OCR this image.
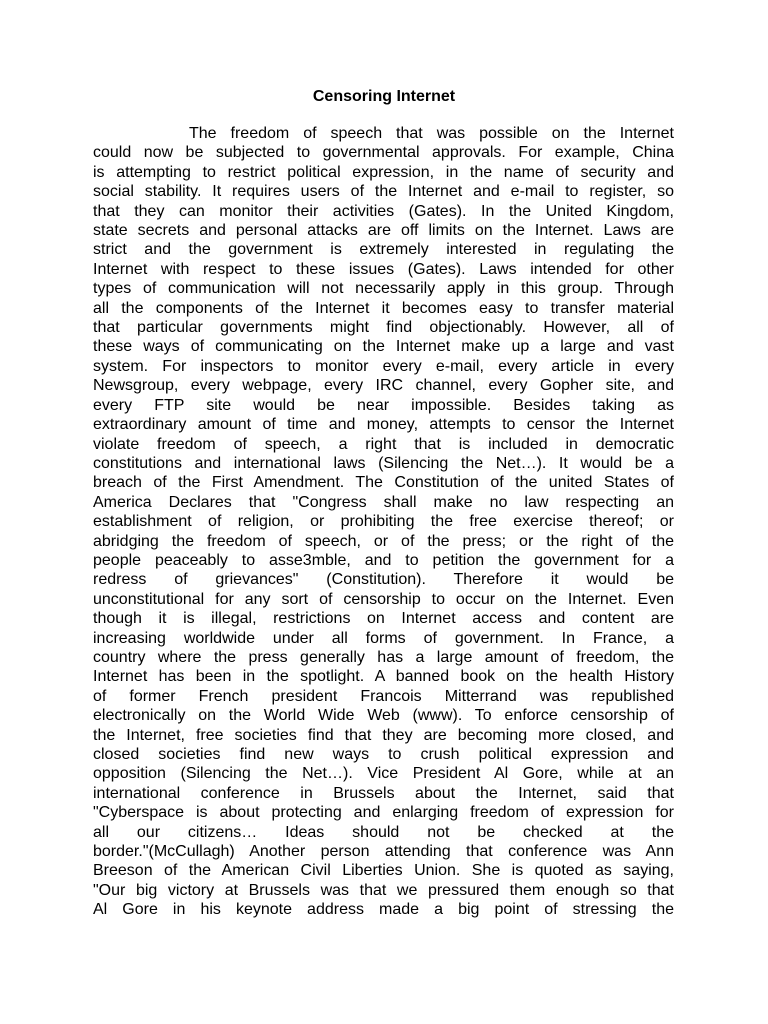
Censoring Internet
The freedom of speech that was possible on the Internet
could now be subjected to governmental approvals. For example, China
is attempting to restrict political expression, in the name of security and
social stability. It requires users of the Internet and e-mail to register, so
that they can monitor their activities (Gates). In the United Kingdom,
state secrets and personal attacks are off limits on the Internet. Laws are
strict and the government is extremely interested in regulating the
Internet with respect to these issues (Gates). Laws intended for other
types of communication will not necessarily apply in this group. Through
all the components of the Internet it becomes easy to transfer material
that particular governments might find objectionably. However, all of
these ways of communicating on the Internet make up a large and vast
system. For inspectors to monitor every e-mail, every article in every
Newsgroup, every webpage, every IRC channel, every Gopher site, and
every FTP site would be near impossible. Besides taking as
extraordinary amount of time and money, attempts to censor the Internet
violate freedom of speech, a right that is included in democratic
constitutions and international laws (Silencing the Net…). It would be a
breach of the First Amendment. The Constitution of the united States of
America Declares that "Congress shall make no law respecting an
establishment of religion, or prohibiting the free exercise thereof; or
abridging the freedom of speech, or of the press; or the right of the
people peaceably to asse3mble, and to petition the government for a
redress of grievances" (Constitution). Therefore it would be
unconstitutional for any sort of censorship to occur on the Internet. Even
though it is illegal, restrictions on Internet access and content are
increasing worldwide under all forms of government. In France, a
country where the press generally has a large amount of freedom, the
Internet has been in the spotlight. A banned book on the health History
of former French president Francois Mitterrand was republished
electronically on the World Wide Web (www). To enforce censorship of
the Internet, free societies find that they are becoming more closed, and
closed societies find new ways to crush political expression and
opposition (Silencing the Net…). Vice President Al Gore, while at an
international conference in Brussels about the Internet, said that
"Cyberspace is about protecting and enlarging freedom of expression for
all our citizens… Ideas should not be checked at the
border."(McCullagh) Another person attending that conference was Ann
Breeson of the American Civil Liberties Union. She is quoted as saying,
"Our big victory at Brussels was that we pressured them enough so that
Al Gore in his keynote address made a big point of stressing the
